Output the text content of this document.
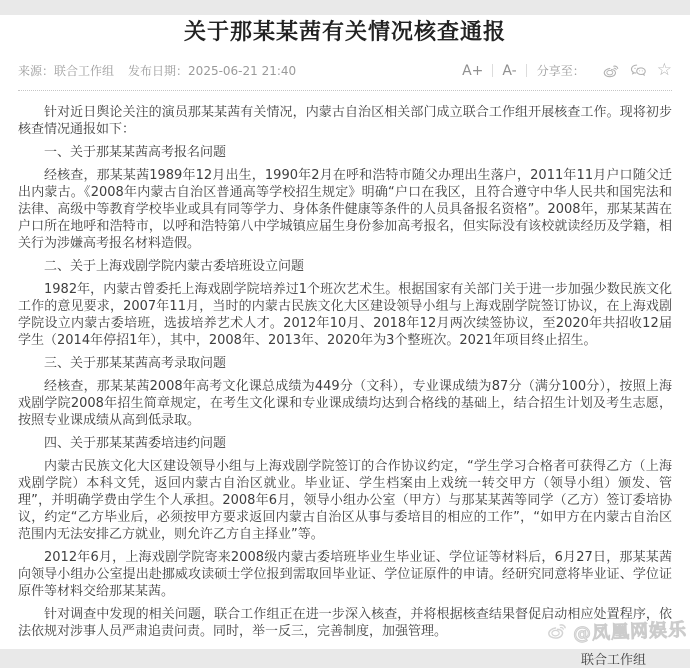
关于那某某茜有关情况核查通报
来源：联合工作组 发布日期：2025-06-21 21:40	A+	A-	分享至：	☆

针对近日舆论关注的演员那某某茜有关情况，内蒙古自治区相关部门成立联合工作组开展核查工作。现将初步核查情况通报如下：

一、关于那某某茜高考报名问题

经核查，那某某茜1989年12月出生，1990年2月在呼和浩特市随父办理出生落户，2011年11月户口随父迁出内蒙古。《2008年内蒙古自治区普通高等学校招生规定》明确“户口在我区，且符合遵守中华人民共和国宪法和法律、高级中等教育学校毕业或具有同等学力、身体条件健康等条件的人员具备报名资格”。2008年，那某某茜在户口所在地呼和浩特市，以呼和浩特第八中学城镇应届生身份参加高考报名，但实际没有该校就读经历及学籍，相关行为涉嫌高考报名材料造假。

二、关于上海戏剧学院内蒙古委培班设立问题

1982年，内蒙古曾委托上海戏剧学院培养过1个班次艺术生。根据国家有关部门关于进一步加强少数民族文化工作的意见要求，2007年11月，当时的内蒙古民族文化大区建设领导小组与上海戏剧学院签订协议，在上海戏剧学院设立内蒙古委培班，选拔培养艺术人才。2012年10月、2018年12月两次续签协议，至2020年共招收12届学生（2014年停招1年），其中，2008年、2013年、2020年为3个整班次。2021年项目终止招生。

三、关于那某某茜高考录取问题

经核查，那某某茜2008年高考文化课总成绩为449分（文科），专业课成绩为87分（满分100分），按照上海戏剧学院2008年招生简章规定，在考生文化课和专业课成绩均达到合格线的基础上，结合招生计划及考生志愿，按照专业课成绩从高到低录取。

四、关于那某某茜委培违约问题

内蒙古民族文化大区建设领导小组与上海戏剧学院签订的合作协议约定，“学生学习合格者可获得乙方（上海戏剧学院）本科文凭，返回内蒙古自治区就业。毕业证、学生档案由上戏统一转交甲方（领导小组）颁发、管理”，并明确学费由学生个人承担。2008年6月，领导小组办公室（甲方）与那某某茜等同学（乙方）签订委培协议，约定“乙方毕业后，必须按甲方要求返回内蒙古自治区从事与委培目的相应的工作”，“如甲方在内蒙古自治区范围内无法安排乙方就业，则允许乙方自主择业”等。

2012年6月，上海戏剧学院寄来2008级内蒙古委培班毕业生毕业证、学位证等材料后，6月27日，那某某茜向领导小组办公室提出赴挪威攻读硕士学位报到需取回毕业证、学位证原件的申请。经研究同意将毕业证、学位证原件等材料交给那某某茜。

针对调查中发现的相关问题，联合工作组正在进一步深入核查，并将根据核查结果督促启动相应处置程序，依法依规对涉事人员严肃追责问责。同时，举一反三，完善制度，加强管理。

联合工作组
@凤凰网娱乐
